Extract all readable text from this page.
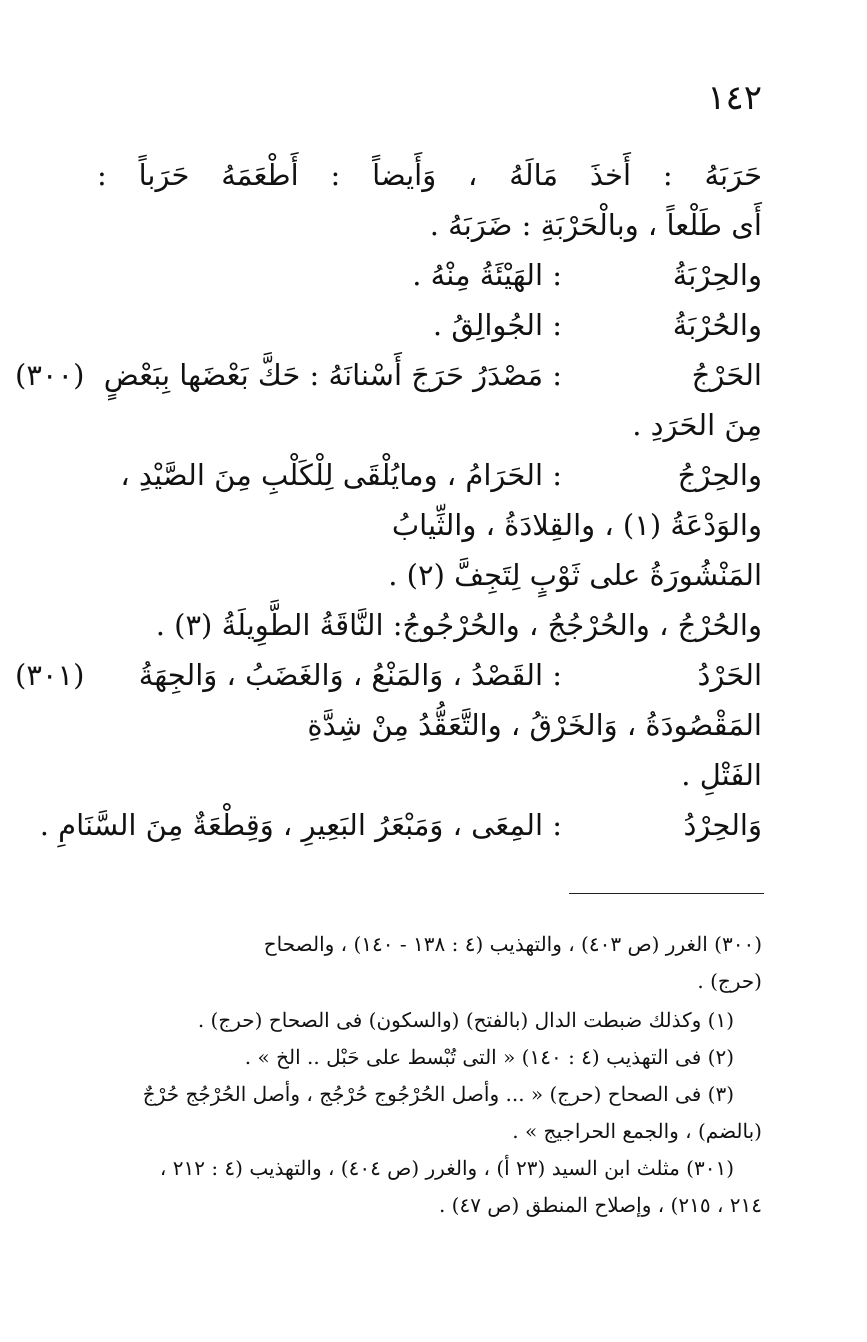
١٤٢
حَرَبَهُ : أَخذَ مَالَهُ ، وَأَيضاً : أَطْعَمَهُ حَرَباً :
أَى طَلْعاً ، وبالْحَرْبَةِ : ضَرَبَهُ .
والحِرْبَةُ
: الهَيْئَةُ مِنْهُ .
والحُرْبَةُ
: الجُوالِقُ .
الحَرْجُ
: مَصْدَرُ حَرَجَ أَسْنانَهُ : حَكَّ بَعْضَها بِبَعْضٍ
(٣٠٠)
مِنَ الحَرَدِ .
والحِرْجُ
: الحَرَامُ ، ومايُلْقَى لِلْكَلْبِ مِنَ الصَّيْدِ ،
والوَدْعَةُ (١) ، والقِلادَةُ ، والثِّيابُ
المَنْشُورَةُ على ثَوْبٍ لِتَجِفَّ (٢) .
والحُرْجُ ، والحُرْجُجُ ، والحُرْجُوجُ: النَّاقَةُ الطَّوِيلَةُ (٣) .
الحَرْدُ
: القَصْدُ ، وَالمَنْعُ ، وَالغَضَبُ ، وَالجِهَةُ
(٣٠١)
المَقْصُودَةُ ، وَالخَرْقُ ، والتَّعَقُّدُ مِنْ شِدَّةِ
الفَتْلِ .
وَالحِرْدُ
: المِعَى ، وَمَبْعَرُ البَعِيرِ ، وَقِطْعَةٌ مِنَ السَّنَامِ .
(٣٠٠) الغرر (ص ٤٠٣) ، والتهذيب (٤ : ١٣٨ - ١٤٠) ، والصحاح
(حرج) .
(١) وكذلك ضبطت الدال (بالفتح) (والسكون) فى الصحاح (حرج) .
(٢) فى التهذيب (٤ : ١٤٠) « التى تُبْسط على حَبْل .. الخ » .
(٣) فى الصحاح (حرج) « ... وأصل الحُرْجُوج حُرْجُج ، وأصل الحُرْجُج حُرْجٌ
(بالضم) ، والجمع الحراجيج » .
(٣٠١) مثلث ابن السيد (٢٣ أ) ، والغرر (ص ٤٠٤) ، والتهذيب (٤ : ٢١٢ ،
٢١٤ ، ٢١٥) ، وإصلاح المنطق (ص ٤٧) .
